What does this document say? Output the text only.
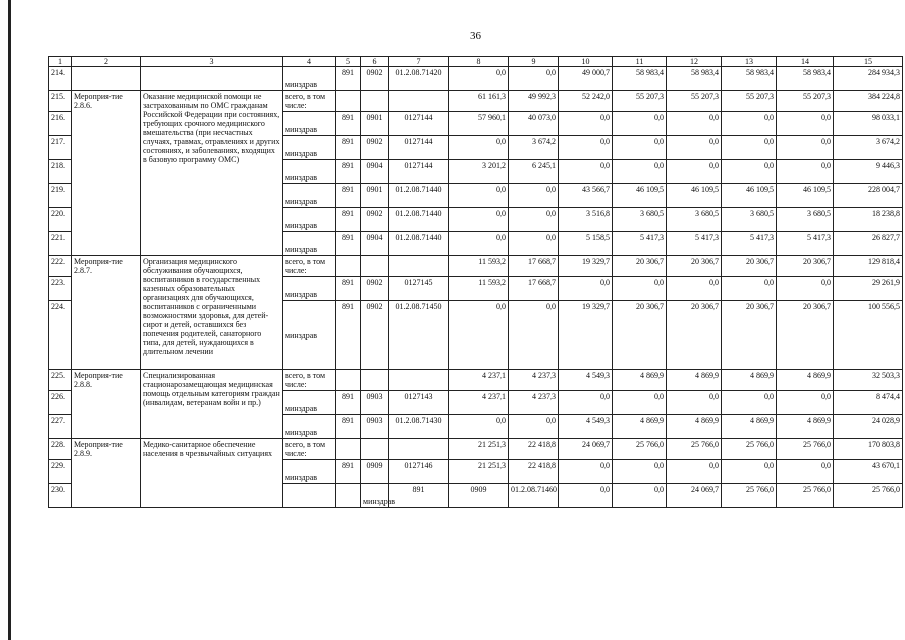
36
1	2	3	4	5	6	7	8	9	10	11	12	13	14	15	
214.			минздрав	891	0902	01.2.08.71420	0,0	0,0	49 000,7	58 983,4	58 983,4	58 983,4	58 983,4	284 934,3	
215.	Мероприя-тие 2.8.6.	Оказание медицинской помощи не застрахованным по ОМС гражданам Российской Федерации при состояниях, требующих срочного медицинского вмешательства (при несчастных случаях, травмах, отравлениях и других состояниях, и заболеваниях, входящих в базовую программу ОМС)	всего, в том числе:				61 161,3	49 992,3	52 242,0	55 207,3	55 207,3	55 207,3	55 207,3	384 224,8	
216.			минздрав	891	0901	0127144	57 960,1	40 073,0	0,0	0,0	0,0	0,0	0,0	98 033,1	
217.			минздрав	891	0902	0127144	0,0	3 674,2	0,0	0,0	0,0	0,0	0,0	3 674,2	
218.			минздрав	891	0904	0127144	3 201,2	6 245,1	0,0	0,0	0,0	0,0	0,0	9 446,3	
219.			минздрав	891	0901	01.2.08.71440	0,0	0,0	43 566,7	46 109,5	46 109,5	46 109,5	46 109,5	228 004,7	
220.			минздрав	891	0902	01.2.08.71440	0,0	0,0	3 516,8	3 680,5	3 680,5	3 680,5	3 680,5	18 238,8	
221.			минздрав	891	0904	01.2.08.71440	0,0	0,0	5 158,5	5 417,3	5 417,3	5 417,3	5 417,3	26 827,7	
222.	Мероприя-тие 2.8.7.	Организация медицинского обслуживания обучающихся, воспитанников в государственных казенных образовательных организациях для обучающихся, воспитанников с ограниченными возможностями здоровья, для детей-сирот и детей, оставшихся без попечения родителей, санаторного типа, для детей, нуждающихся в длительном лечении	всего, в том числе:				11 593,2	17 668,7	19 329,7	20 306,7	20 306,7	20 306,7	20 306,7	129 818,4	
223.			минздрав	891	0902	0127145	11 593,2	17 668,7	0,0	0,0	0,0	0,0	0,0	29 261,9	
224.			минздрав	891	0902	01.2.08.71450	0,0	0,0	19 329,7	20 306,7	20 306,7	20 306,7	20 306,7	100 556,5	
225.	Мероприя-тие 2.8.8.	Специализированная стационарозамещающая медицинская помощь отдельным категориям граждан (инвалидам, ветеранам войн и пр.)	всего, в том числе:				4 237,1	4 237,3	4 549,3	4 869,9	4 869,9	4 869,9	4 869,9	32 503,3	
226.			минздрав	891	0903	0127143	4 237,1	4 237,3	0,0	0,0	0,0	0,0	0,0	8 474,4	
227.			минздрав	891	0903	01.2.08.71430	0,0	0,0	4 549,3	4 869,9	4 869,9	4 869,9	4 869,9	24 028,9	
228.	Мероприя-тие 2.8.9.	Медико-санитарное обеспечение населения в чрезвычайных ситуациях	всего, в том числе:				21 251,3	22 418,8	24 069,7	25 766,0	25 766,0	25 766,0	25 766,0	170 803,8	
229.			минздрав	891	0909	0127146	21 251,3	22 418,8	0,0	0,0	0,0	0,0	0,0	43 670,1	
230.					минздрав	891	0909	01.2.08.71460	0,0	0,0	24 069,7	25 766,0	25 766,0	25 766,0		
